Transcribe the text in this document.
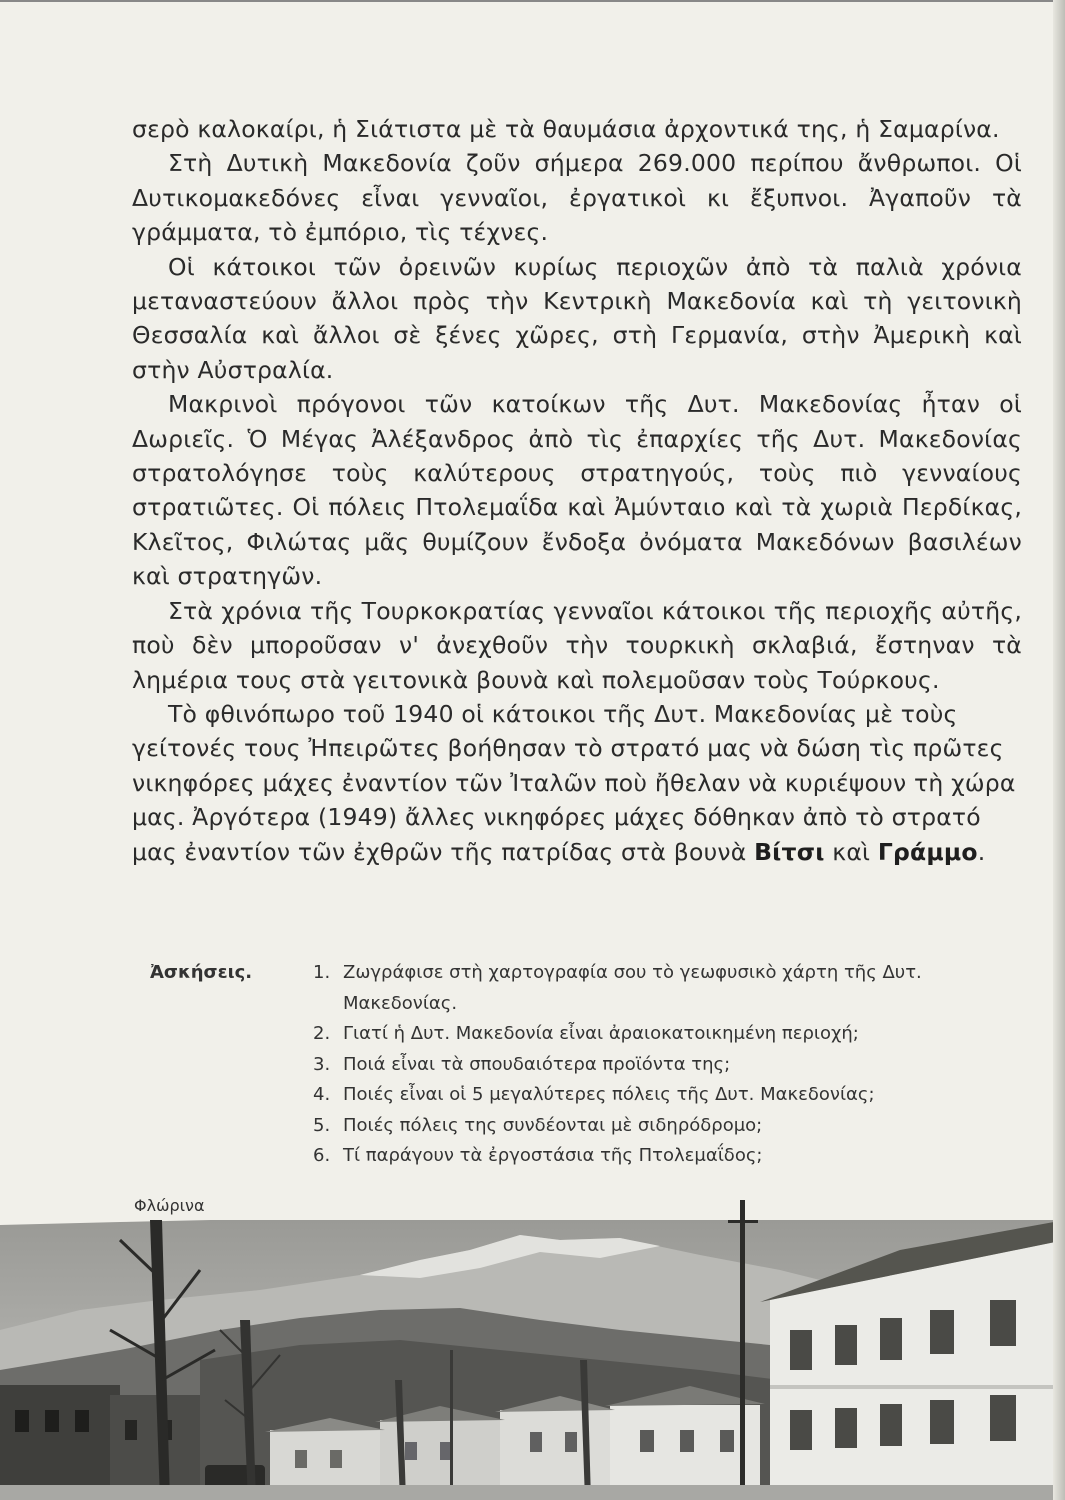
σερὸ καλοκαίρι, ἡ Σιάτιστα μὲ τὰ θαυμάσια ἀρχοντικά της, ἡ Σαμαρίνα.

Στὴ Δυτικὴ Μακεδονία ζοῦν σήμερα 269.000 περίπου ἄνθρωποι. Οἱ Δυτικομακεδόνες εἶναι γενναῖοι, ἐργατικοὶ κι ἔξυπνοι. Ἀγαποῦν τὰ γράμματα, τὸ ἐμπόριο, τὶς τέχνες.

Οἱ κάτοικοι τῶν ὀρεινῶν κυρίως περιοχῶν ἀπὸ τὰ παλιὰ χρόνια μεταναστεύουν ἄλλοι πρὸς τὴν Κεντρικὴ Μακεδονία καὶ τὴ γειτονικὴ Θεσσαλία καὶ ἄλλοι σὲ ξένες χῶρες, στὴ Γερμανία, στὴν Ἀμερικὴ καὶ στὴν Αὐστραλία.

Μακρινοὶ πρόγονοι τῶν κατοίκων τῆς Δυτ. Μακεδονίας ἦταν οἱ Δωριεῖς. Ὁ Μέγας Ἀλέξανδρος ἀπὸ τὶς ἐπαρχίες τῆς Δυτ. Μακεδονίας στρατολόγησε τοὺς καλύτερους στρατηγούς, τοὺς πιὸ γενναίους στρατιῶτες. Οἱ πόλεις Πτολεμαΐδα καὶ Ἀμύνταιο καὶ τὰ χωριὰ Περδίκας, Κλεῖτος, Φιλώτας μᾶς θυμίζουν ἔνδοξα ὀνόματα Μακεδόνων βασιλέων καὶ στρατηγῶν.

Στὰ χρόνια τῆς Τουρκοκρατίας γενναῖοι κάτοικοι τῆς περιοχῆς αὐτῆς, ποὺ δὲν μποροῦσαν ν' ἀνεχθοῦν τὴν τουρκικὴ σκλαβιά, ἔστηναν τὰ λημέρια τους στὰ γειτονικὰ βουνὰ καὶ πολεμοῦσαν τοὺς Τούρκους.

Τὸ φθινόπωρο τοῦ 1940 οἱ κάτοικοι τῆς Δυτ. Μακεδονίας μὲ τοὺς γείτονές τους Ἠπειρῶτες βοήθησαν τὸ στρατό μας νὰ δώση τὶς πρῶτες νικηφόρες μάχες ἐναντίον τῶν Ἰταλῶν ποὺ ἤθελαν νὰ κυριέψουν τὴ χώρα μας. Ἀργότερα (1949) ἄλλες νικηφόρες μάχες δόθηκαν ἀπὸ τὸ στρατό μας ἐναντίον τῶν ἐχθρῶν τῆς πατρίδας στὰ βουνὰ Βίτσι καὶ Γράμμο.

Ἀσκήσεις.	1. Ζωγράφισε στὴ χαρτογραφία σου τὸ γεωφυσικὸ χάρτη τῆς Δυτ. Μακεδονίας.
2. Γιατί ἡ Δυτ. Μακεδονία εἶναι ἀραιοκατοικημένη περιοχή;
3. Ποιά εἶναι τὰ σπουδαιότερα προϊόντα της;
4. Ποιές εἶναι οἱ 5 μεγαλύτερες πόλεις τῆς Δυτ. Μακεδονίας;
5. Ποιές πόλεις της συνδέονται μὲ σιδηρόδρομο;
6. Τί παράγουν τὰ ἐργοστάσια τῆς Πτολεμαΐδος;
Φλώρινα
